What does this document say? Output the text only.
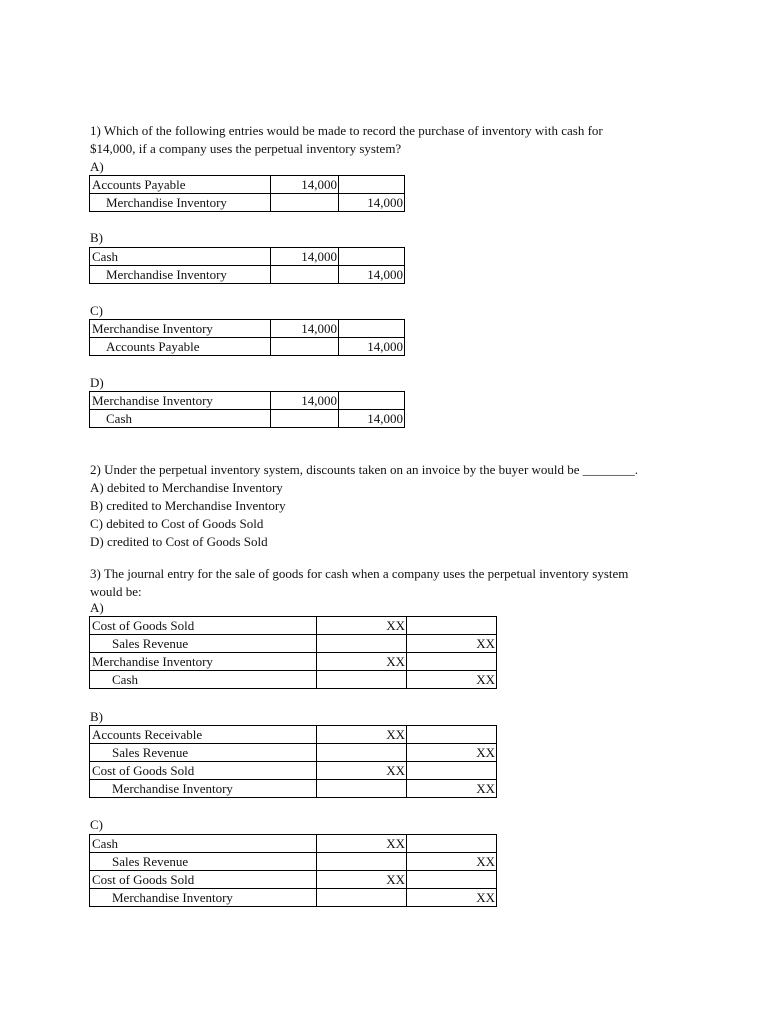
1) Which of the following entries would be made to record the purchase of inventory with cash for
$14,000, if a company uses the perpetual inventory system?
A)
Accounts Payable	14,000	
Merchandise Inventory		14,000
B)
Cash	14,000	
Merchandise Inventory		14,000
C)
Merchandise Inventory	14,000	
Accounts Payable		14,000
D)
Merchandise Inventory	14,000	
Cash		14,000
2) Under the perpetual inventory system, discounts taken on an invoice by the buyer would be ________.
A) debited to Merchandise Inventory
B) credited to Merchandise Inventory
C) debited to Cost of Goods Sold
D) credited to Cost of Goods Sold
3) The journal entry for the sale of goods for cash when a company uses the perpetual inventory system
would be:
A)
Cost of Goods Sold	XX	
Sales Revenue		XX
Merchandise Inventory	XX	
Cash		XX
B)
Accounts Receivable	XX	
Sales Revenue		XX
Cost of Goods Sold	XX	
Merchandise Inventory		XX
C)
Cash	XX	
Sales Revenue		XX
Cost of Goods Sold	XX	
Merchandise Inventory		XX
